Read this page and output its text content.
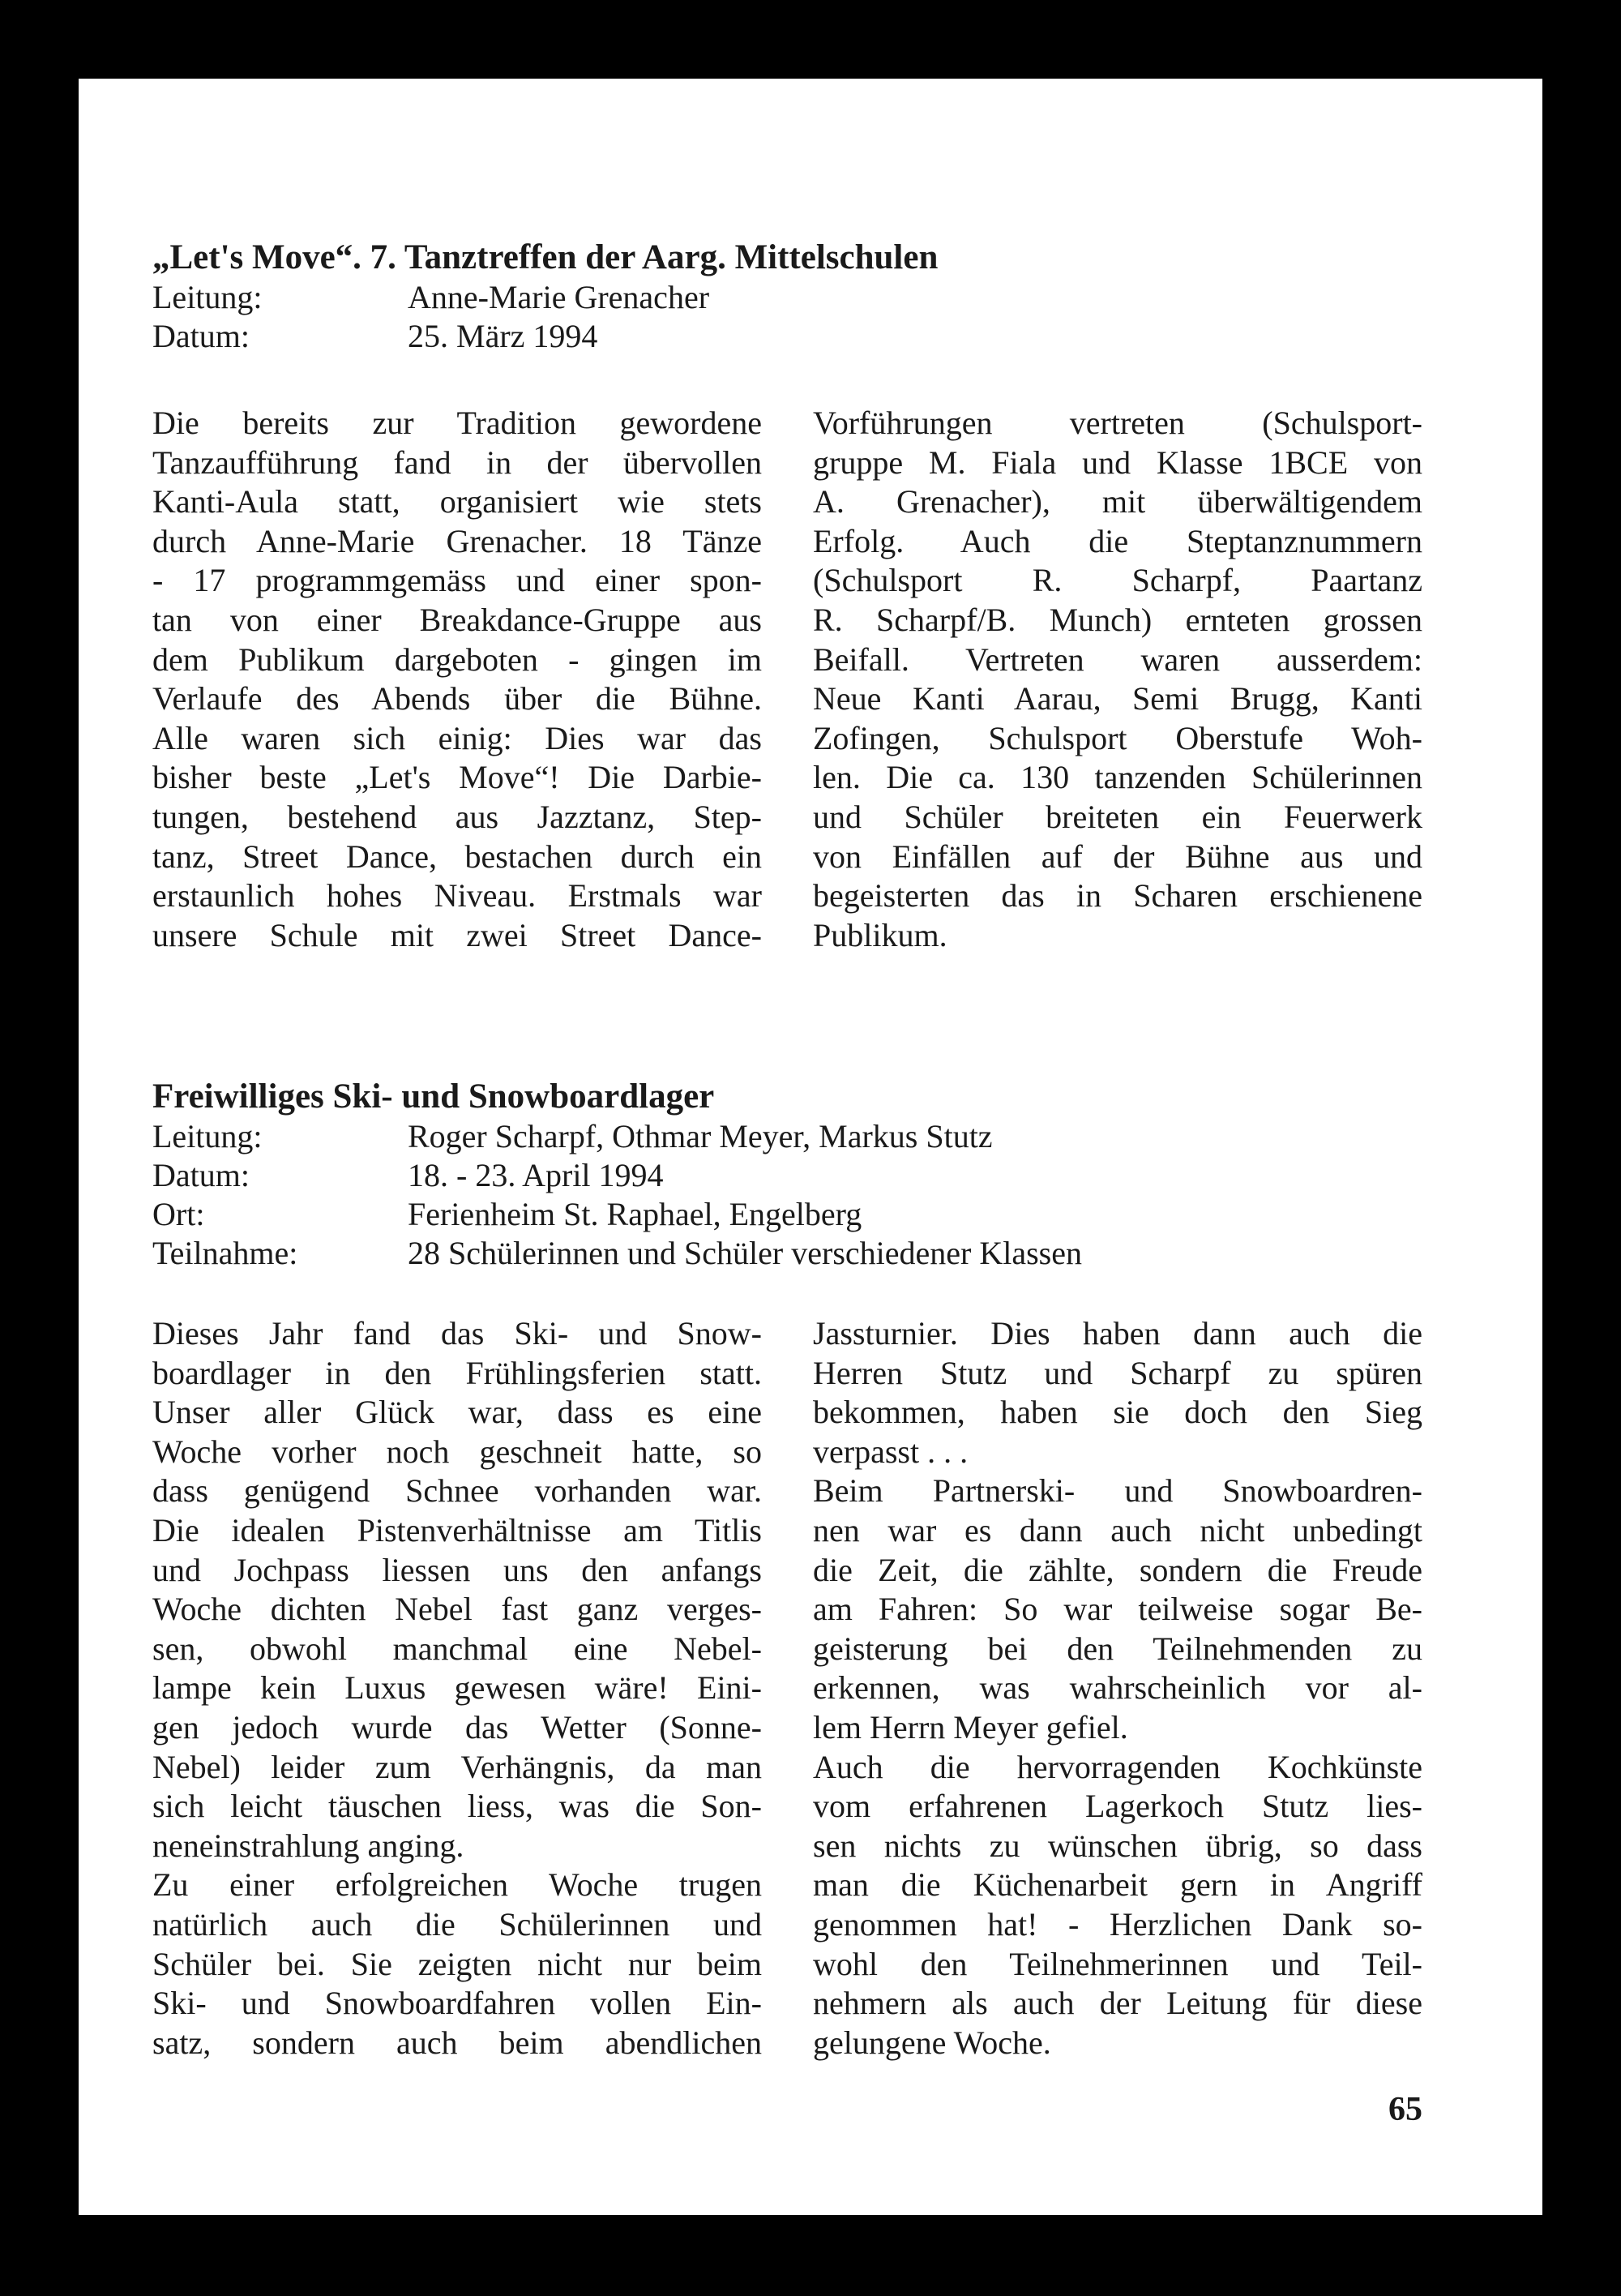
„Let's Move“. 7. Tanztreffen der Aarg. Mittelschulen
Leitung:	Anne-Marie Grenacher
Datum:	25. März 1994
Die bereits zur Tradition gewordene
Tanzaufführung fand in der übervollen
Kanti-Aula statt, organisiert wie stets
durch Anne-Marie Grenacher. 18 Tänze
- 17 programmgemäss und einer spon-
tan von einer Breakdance-Gruppe aus
dem Publikum dargeboten - gingen im
Verlaufe des Abends über die Bühne.
Alle waren sich einig: Dies war das
bisher beste „Let's Move“! Die Darbie-
tungen, bestehend aus Jazztanz, Step-
tanz, Street Dance, bestachen durch ein
erstaunlich hohes Niveau. Erstmals war
unsere Schule mit zwei Street Dance-
Vorführungen vertreten (Schulsport-
gruppe M. Fiala und Klasse 1BCE von
A. Grenacher), mit überwältigendem
Erfolg. Auch die Steptanznummern
(Schulsport R. Scharpf, Paartanz
R. Scharpf/B. Munch) ernteten grossen
Beifall. Vertreten waren ausserdem:
Neue Kanti Aarau, Semi Brugg, Kanti
Zofingen, Schulsport Oberstufe Woh-
len. Die ca. 130 tanzenden Schülerinnen
und Schüler breiteten ein Feuerwerk
von Einfällen auf der Bühne aus und
begeisterten das in Scharen erschienene
Publikum.
Freiwilliges Ski- und Snowboardlager
Leitung:	Roger Scharpf, Othmar Meyer, Markus Stutz
Datum:	18. - 23. April 1994
Ort:	Ferienheim St. Raphael, Engelberg
Teilnahme:	28 Schülerinnen und Schüler verschiedener Klassen
Dieses Jahr fand das Ski- und Snow-
boardlager in den Frühlingsferien statt.
Unser aller Glück war, dass es eine
Woche vorher noch geschneit hatte, so
dass genügend Schnee vorhanden war.
Die idealen Pistenverhältnisse am Titlis
und Jochpass liessen uns den anfangs
Woche dichten Nebel fast ganz verges-
sen, obwohl manchmal eine Nebel-
lampe kein Luxus gewesen wäre! Eini-
gen jedoch wurde das Wetter (Sonne-
Nebel) leider zum Verhängnis, da man
sich leicht täuschen liess, was die Son-
neneinstrahlung anging.
Zu einer erfolgreichen Woche trugen
natürlich auch die Schülerinnen und
Schüler bei. Sie zeigten nicht nur beim
Ski- und Snowboardfahren vollen Ein-
satz, sondern auch beim abendlichen
Jassturnier. Dies haben dann auch die
Herren Stutz und Scharpf zu spüren
bekommen, haben sie doch den Sieg
verpasst . . .
Beim Partnerski- und Snowboardren-
nen war es dann auch nicht unbedingt
die Zeit, die zählte, sondern die Freude
am Fahren: So war teilweise sogar Be-
geisterung bei den Teilnehmenden zu
erkennen, was wahrscheinlich vor al-
lem Herrn Meyer gefiel.
Auch die hervorragenden Kochkünste
vom erfahrenen Lagerkoch Stutz lies-
sen nichts zu wünschen übrig, so dass
man die Küchenarbeit gern in Angriff
genommen hat! - Herzlichen Dank so-
wohl den Teilnehmerinnen und Teil-
nehmern als auch der Leitung für diese
gelungene Woche.
65
